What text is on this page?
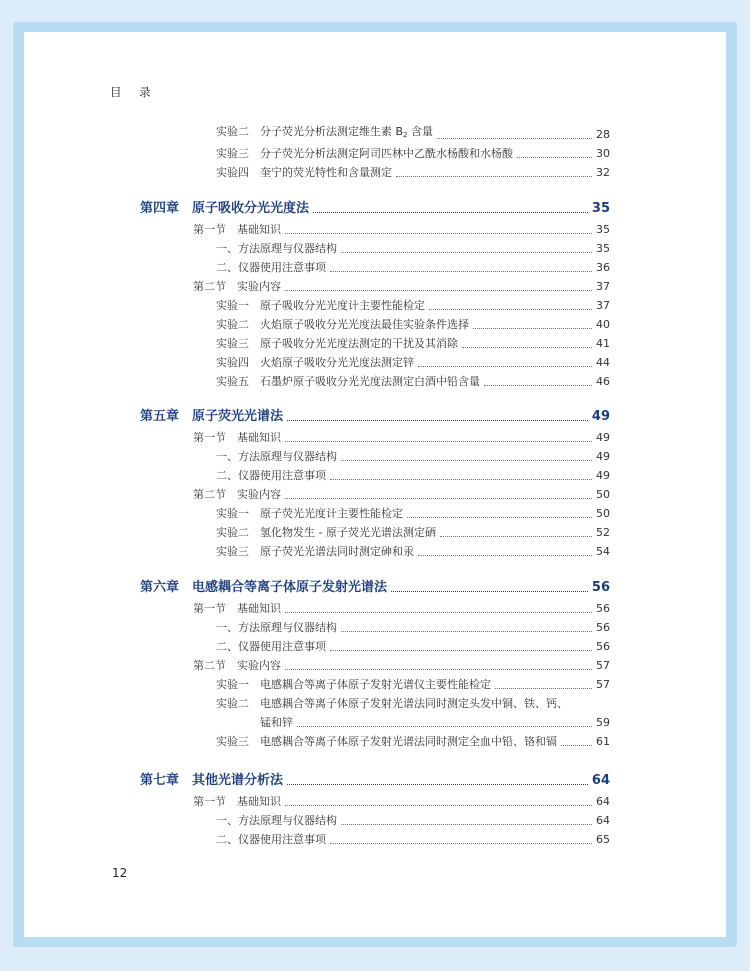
目 录
实验二　分子荧光分析法测定维生素 $B_2$ 含量	28
实验三　分子荧光分析法测定阿司匹林中乙酰水杨酸和水杨酸	30
实验四　奎宁的荧光特性和含量测定	32
第四章　原子吸收分光光度法	35
第一节　基础知识	35
一、方法原理与仪器结构	35
二、仪器使用注意事项	36
第二节　实验内容	37
实验一　原子吸收分光光度计主要性能检定	37
实验二　火焰原子吸收分光光度法最佳实验条件选择	40
实验三　原子吸收分光光度法测定的干扰及其消除	41
实验四　火焰原子吸收分光光度法测定锌	44
实验五　石墨炉原子吸收分光光度法测定白酒中铅含量	46
第五章　原子荧光光谱法	49
第一节　基础知识	49
一、方法原理与仪器结构	49
二、仪器使用注意事项	49
第二节　实验内容	50
实验一　原子荧光光度计主要性能检定	50
实验二　氢化物发生 - 原子荧光光谱法测定硒	52
实验三　原子荧光光谱法同时测定砷和汞	54
第六章　电感耦合等离子体原子发射光谱法	56
第一节　基础知识	56
一、方法原理与仪器结构	56
二、仪器使用注意事项	56
第二节　实验内容	57
实验一　电感耦合等离子体原子发射光谱仪主要性能检定	57
实验二　电感耦合等离子体原子发射光谱法同时测定头发中铜、铁、钙、
锰和锌	59
实验三　电感耦合等离子体原子发射光谱法同时测定全血中铅、铬和镉	61
第七章　其他光谱分析法	64
第一节　基础知识	64
一、方法原理与仪器结构	64
二、仪器使用注意事项	65
12
